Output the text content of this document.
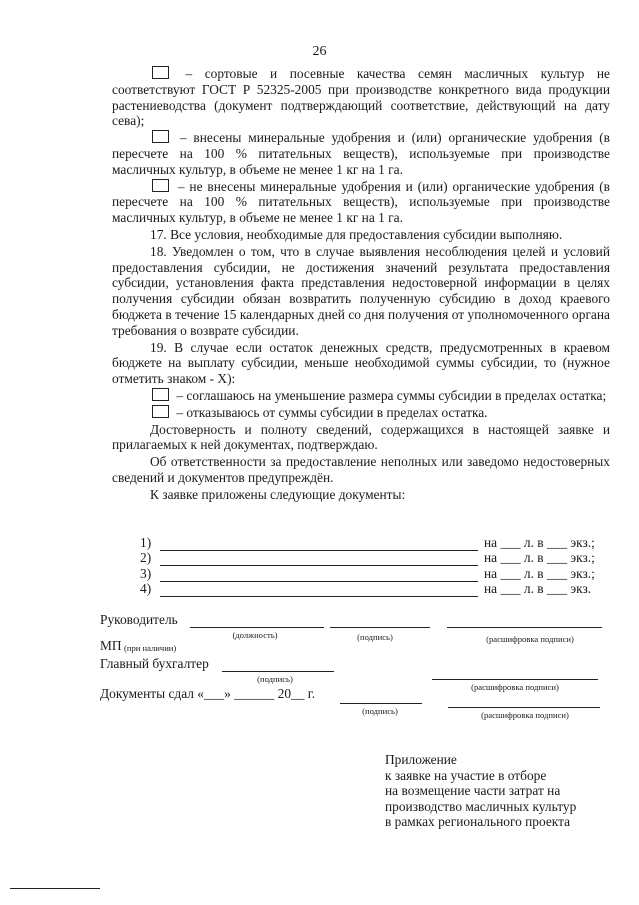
26

– сортовые и посевные качества семян масличных культур не соответствуют ГОСТ Р 52325-2005 при производстве конкретного вида продукции растениеводства (документ подтверждающий соответствие, действующий на дату сева);

– внесены минеральные удобрения и (или) органические удобрения (в пересчете на 100 % питательных веществ), используемые при производстве масличных культур, в объеме не менее 1 кг на 1 га.

– не внесены минеральные удобрения и (или) органические удобрения (в пересчете на 100 % питательных веществ), используемые при производстве масличных культур, в объеме не менее 1 кг на 1 га.

17. Все условия, необходимые для предоставления субсидии выполняю.

18. Уведомлен о том, что в случае выявления несоблюдения целей и условий предоставления субсидии, не достижения значений результата предоставления субсидии, установления факта представления недостоверной информации в целях получения субсидии обязан возвратить полученную субсидию в доход краевого бюджета в течение 15 календарных дней со дня получения от уполномоченного органа требования о возврате субсидии.

19. В случае если остаток денежных средств, предусмотренных в краевом бюджете на выплату субсидии, меньше необходимой суммы субсидии, то (нужное отметить знаком - Х):

– соглашаюсь на уменьшение размера суммы субсидии в пределах остатка;

– отказываюсь от суммы субсидии в пределах остатка.

Достоверность и полноту сведений, содержащихся в настоящей заявке и прилагаемых к ней документах, подтверждаю.

Об ответственности за предоставление неполных или заведомо недостоверных сведений и документов предупреждён.

К заявке приложены следующие документы:

1)	на ___ л. в ___ экз.;
2)	на ___ л. в ___ экз.;
3)	на ___ л. в ___ экз.;
4)	на ___ л. в ___ экз.
Руководитель
(должность)	(подпись)	(расшифровка подписи)
МП (при наличии)
Главный бухгалтер
(подпись)
(расшифровка подписи)
Документы сдал «___» ______ 20__ г.
(подпись)	(расшифровка подписи)
Приложение
к заявке на участие в отборе
на возмещение части затрат на
производство масличных культур
в рамках регионального проекта
